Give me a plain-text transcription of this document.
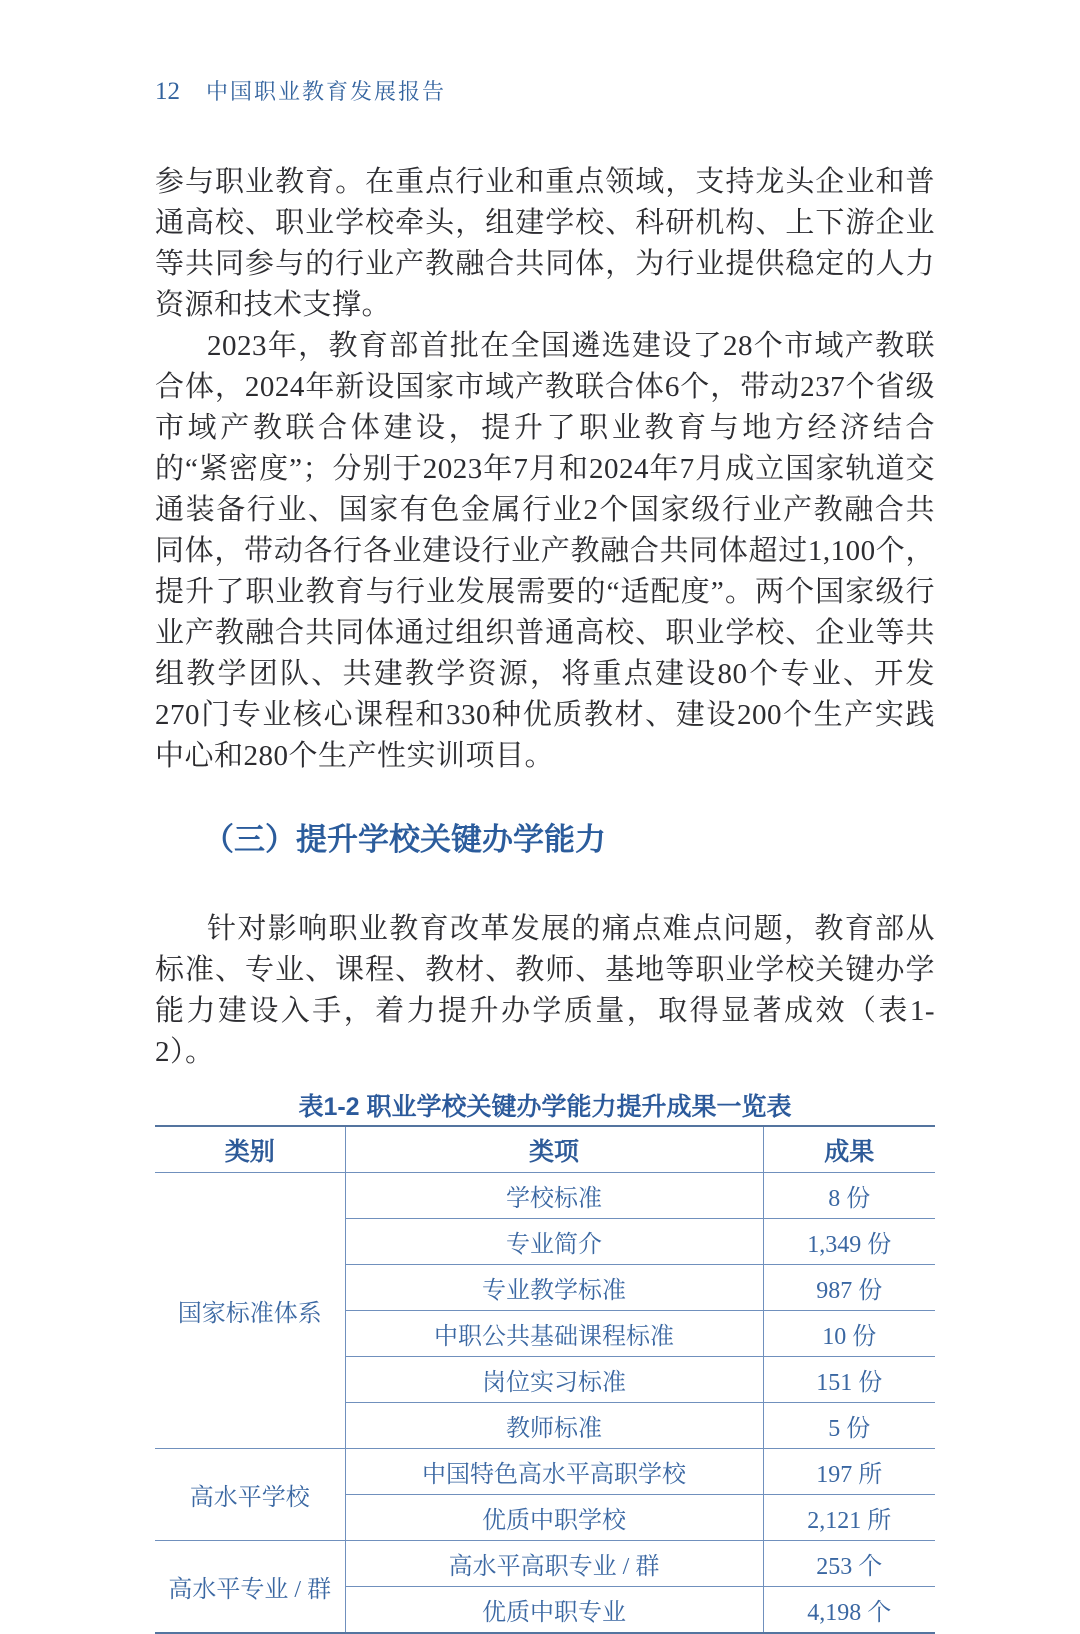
12 中国职业教育发展报告

参与职业教育。在重点行业和重点领域，支持龙头企业和普通高校、职业学校牵头，组建学校、科研机构、上下游企业等共同参与的行业产教融合共同体，为行业提供稳定的人力资源和技术支撑。

2023年，教育部首批在全国遴选建设了28个市域产教联合体，2024年新设国家市域产教联合体6个，带动237个省级市域产教联合体建设，提升了职业教育与地方经济结合的“紧密度”；分别于2023年7月和2024年7月成立国家轨道交通装备行业、国家有色金属行业2个国家级行业产教融合共同体，带动各行各业建设行业产教融合共同体超过1,100个，提升了职业教育与行业发展需要的“适配度”。两个国家级行业产教融合共同体通过组织普通高校、职业学校、企业等共组教学团队、共建教学资源，将重点建设80个专业、开发270门专业核心课程和330种优质教材、建设200个生产实践中心和280个生产性实训项目。

（三）提升学校关键办学能力

针对影响职业教育改革发展的痛点难点问题，教育部从标准、专业、课程、教材、教师、基地等职业学校关键办学能力建设入手，着力提升办学质量，取得显著成效（表1-2）。

表1-2 职业学校关键办学能力提升成果一览表
类别	类项	成果
国家标准体系	学校标准	8 份
	专业简介	1,349 份
	专业教学标准	987 份
	中职公共基础课程标准	10 份
	岗位实习标准	151 份
	教师标准	5 份
高水平学校	中国特色高水平高职学校	197 所
	优质中职学校	2,121 所
高水平专业 / 群	高水平高职专业 / 群	253 个
	优质中职专业	4,198 个
